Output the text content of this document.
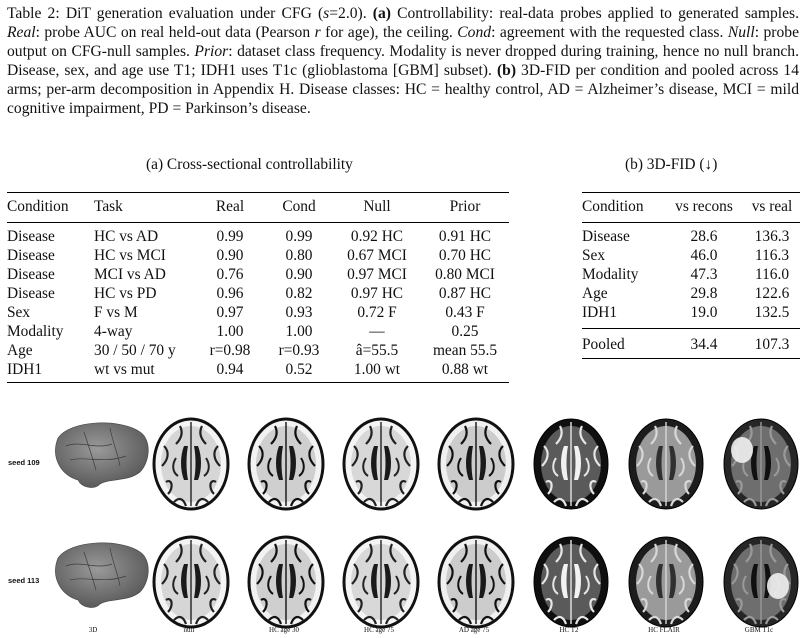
Table 2: DiT generation evaluation under CFG (s=2.0). (a) Controllability: real-data probes applied to generated samples. Real: probe AUC on real held-out data (Pearson r for age), the ceiling. Cond: agreement with the requested class. Null: probe output on CFG-null samples. Prior: dataset class frequency. Modality is never dropped during training, hence no null branch. Disease, sex, and age use T1; IDH1 uses T1c (glioblastoma [GBM] subset). (b) 3D-FID per condition and pooled across 14 arms; per-arm decomposition in Appendix H. Disease classes: HC = healthy control, AD = Alzheimer’s disease, MCI = mild cognitive impairment, PD = Parkinson’s disease.
(a) Cross-sectional controllability	(b) 3D-FID (↓)
Condition	Task	Real	Cond	Null	Prior
Disease	HC vs AD	0.99	0.99	0.92 HC	0.91 HC
Disease	HC vs MCI	0.90	0.80	0.67 MCI	0.70 HC
Disease	MCI vs AD	0.76	0.90	0.97 MCI	0.80 MCI
Disease	HC vs PD	0.96	0.82	0.97 HC	0.87 HC
Sex	F vs M	0.97	0.93	0.72 F	0.43 F
Modality	4-way	1.00	1.00	—	0.25
Age	30 / 50 / 70 y	r=0.98	r=0.93	â=55.5	mean 55.5
IDH1	wt vs mut	0.94	0.52	1.00 wt	0.88 wt
Condition	vs recons	vs real
Disease	28.6	136.3
Sex	46.0	116.3
Modality	47.3	116.0
Age	29.8	122.6
IDH1	19.0	132.5
Pooled	34.4	107.3
seed 109
seed 113
3D	null	HC age 30	HC age 75	AD age 75	HC T2	HC FLAIR	GBM T1c
